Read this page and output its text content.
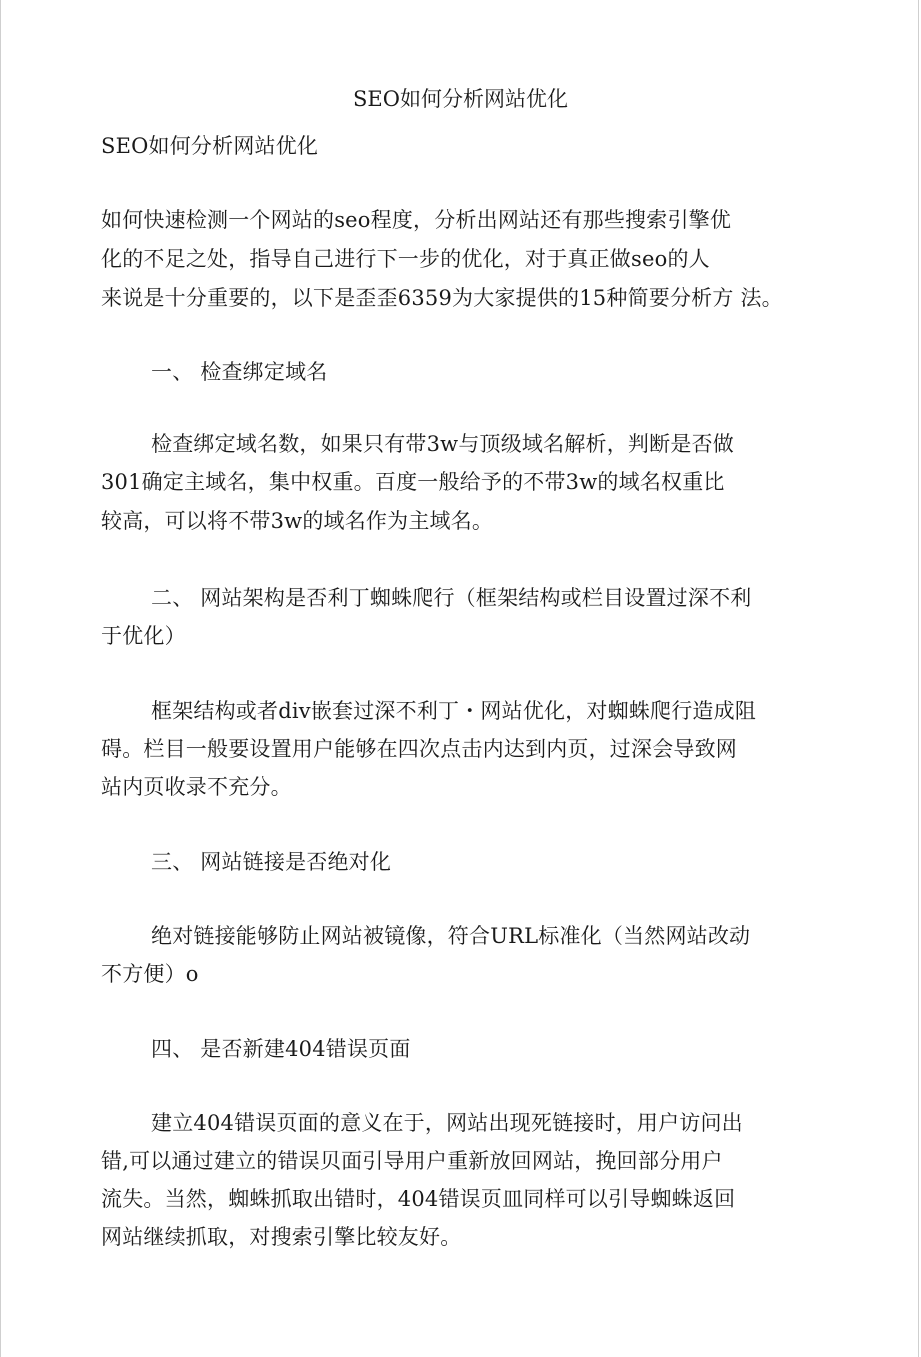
SEO如何分析网站优化
SEO如何分析网站优化
如何快速检测一个网站的seo程度，分析出网站还有那些搜索引擎优
化的不足之处，指导自己进行下一步的优化，对于真正做seo的人
来说是十分重要的，以下是歪歪6359为大家提供的15种简要分析方 法。
一、 检查绑定域名
检查绑定域名数，如果只有带3w与顶级域名解析，判断是否做
301确定主域名，集中权重。百度一般给予的不带3w的域名权重比
较高，可以将不带3w的域名作为主域名。
二、 网站架构是否利丁蜘蛛爬行（框架结构或栏目设置过深不利
于优化）
框架结构或者div嵌套过深不利丁・网站优化，对蜘蛛爬行造成阻
碍。栏目一般要设置用户能够在四次点击内达到内页，过深会导致网
站内页收录不充分。
三、 网站链接是否绝对化
绝对链接能够防止网站被镜像，符合URL标准化（当然网站改动
不方便）o
四、 是否新建404错误页面
建立404错误页面的意义在于，网站出现死链接时，用户访问出
错,可以通过建立的错误贝面引导用户重新放回网站，挽回部分用户
流失。当然，蜘蛛抓取出错时，404错误页皿同样可以引导蜘蛛返回
网站继续抓取，对搜索引擎比较友好。
